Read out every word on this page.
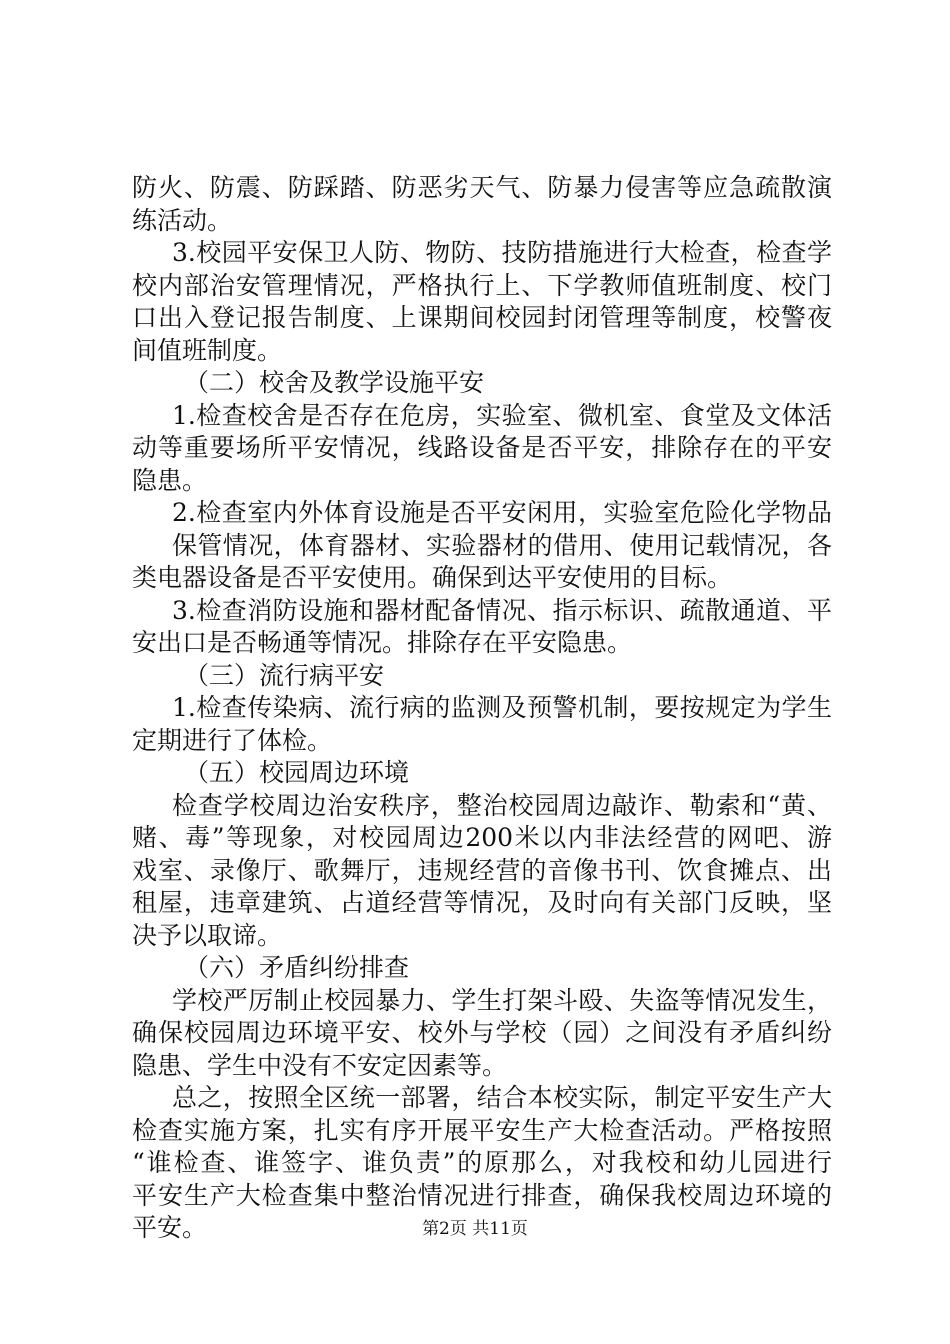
防火、防震、防踩踏、防恶劣天气、防暴力侵害等应急疏散演
练活动。
3.校园平安保卫人防、物防、技防措施进行大检查，检查学
校内部治安管理情况，严格执行上、下学教师值班制度、校门
口出入登记报告制度、上课期间校园封闭管理等制度，校警夜
间值班制度。
（二）校舍及教学设施平安
1.检查校舍是否存在危房，实验室、微机室、食堂及文体活
动等重要场所平安情况，线路设备是否平安，排除存在的平安
隐患。
2.检查室内外体育设施是否平安闲用，实验室危险化学物品
保管情况，体育器材、实验器材的借用、使用记载情况，各
类电器设备是否平安使用。确保到达平安使用的目标。
3.检查消防设施和器材配备情况、指示标识、疏散通道、平
安出口是否畅通等情况。排除存在平安隐患。
（三）流行病平安
1.检查传染病、流行病的监测及预警机制，要按规定为学生
定期进行了体检。
（五）校园周边环境
检查学校周边治安秩序，整治校园周边敲诈、勒索和“黄、
赌、毒”等现象，对校园周边200米以内非法经营的网吧、游
戏室、录像厅、歌舞厅，违规经营的音像书刊、饮食摊点、出
租屋，违章建筑、占道经营等情况，及时向有关部门反映，坚
决予以取谛。
（六）矛盾纠纷排查
学校严厉制止校园暴力、学生打架斗殴、失盗等情况发生，
确保校园周边环境平安、校外与学校（园）之间没有矛盾纠纷
隐患、学生中没有不安定因素等。
总之，按照全区统一部署，结合本校实际，制定平安生产大
检查实施方案，扎实有序开展平安生产大检查活动。严格按照
“谁检查、谁签字、谁负责”的原那么，对我校和幼儿园进行
平安生产大检查集中整治情况进行排查，确保我校周边环境的
平安。	第2页 共11页
